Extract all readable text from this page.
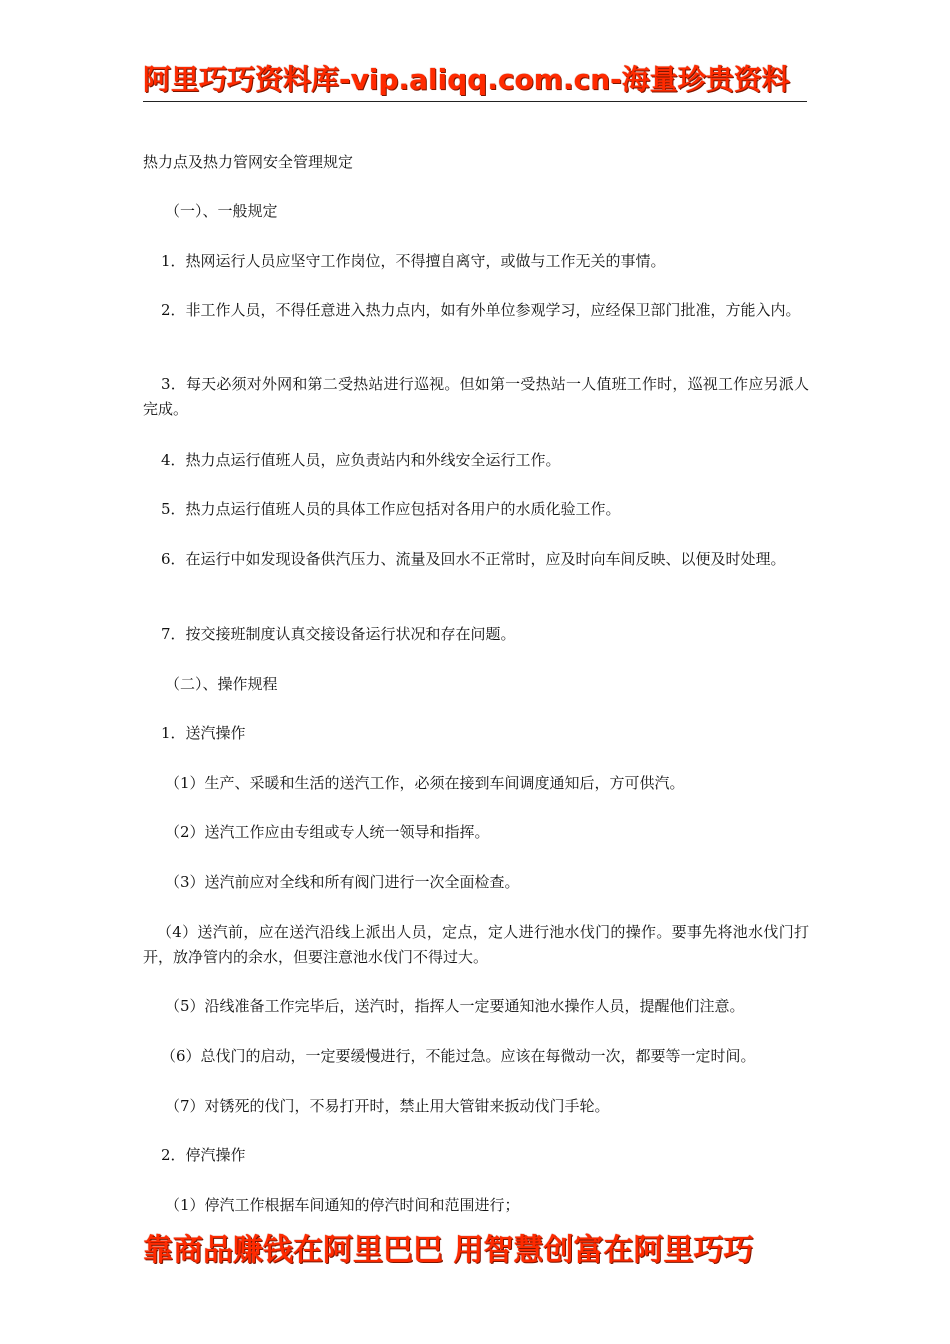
阿里巧巧资料库-vip.aliqq.com.cn-海量珍贵资料

热力点及热力管网安全管理规定

（一）、一般规定

1．热网运行人员应坚守工作岗位，不得擅自离守，或做与工作无关的事情。

2．非工作人员，不得任意进入热力点内，如有外单位参观学习，应经保卫部门批准，方能入内。

3．每天必须对外网和第二受热站进行巡视。但如第一受热站一人值班工作时，巡视工作应另派人完成。

4．热力点运行值班人员，应负责站内和外线安全运行工作。

5．热力点运行值班人员的具体工作应包括对各用户的水质化验工作。

6．在运行中如发现设备供汽压力、流量及回水不正常时，应及时向车间反映、以便及时处理。

7．按交接班制度认真交接设备运行状况和存在问题。

（二）、操作规程

1．送汽操作

（1）生产、采暖和生活的送汽工作，必须在接到车间调度通知后，方可供汽。

（2）送汽工作应由专组或专人统一领导和指挥。

（3）送汽前应对全线和所有阀门进行一次全面检查。

（4）送汽前，应在送汽沿线上派出人员，定点，定人进行池水伐门的操作。要事先将池水伐门打开，放净管内的余水，但要注意池水伐门不得过大。

（5）沿线准备工作完毕后，送汽时，指挥人一定要通知池水操作人员，提醒他们注意。

（6）总伐门的启动，一定要缓慢进行，不能过急。应该在每微动一次，都要等一定时间。

（7）对锈死的伐门，不易打开时，禁止用大管钳来扳动伐门手轮。

2．停汽操作

（1）停汽工作根据车间通知的停汽时间和范围进行；

靠商品赚钱在阿里巴巴 用智慧创富在阿里巧巧
